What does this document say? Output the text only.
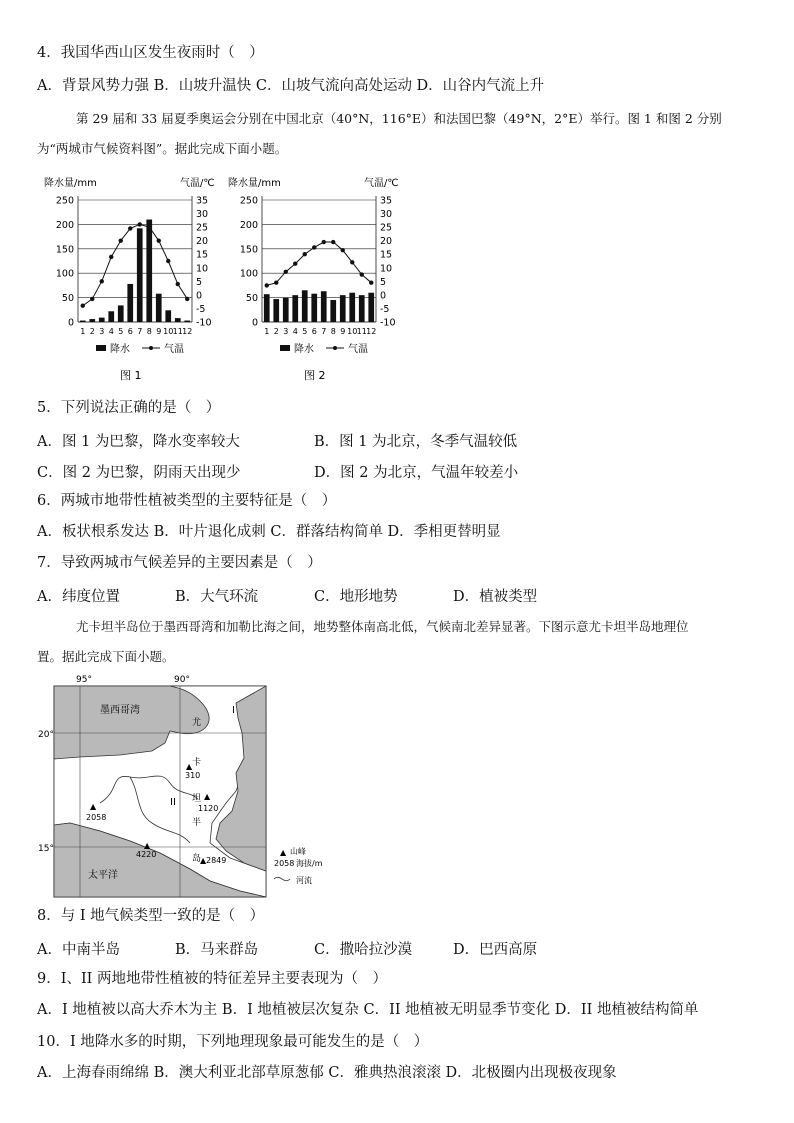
4．我国华西山区发生夜雨时（　）
A．背景风势力强 B．山坡升温快 C．山坡气流向高处运动 D．山谷内气流上升
第 29 届和 33 届夏季奥运会分别在中国北京（40°N，116°E）和法国巴黎（49°N，2°E）举行。图 1 和图 2 分别
为“两城市气候资料图”。据此完成下面小题。
降水量/mm	气温/℃
250
200
150
100
50
0
35
30
25
20
15
10
5
0
-5
-10
1 2 3 4 5 6 7 8 9 10 11 12
降水	气温
图 1
降水量/mm	气温/℃
250
200
150
100
50
0
35
30
25
20
15
10
5
0
-5
-10
1 2 3 4 5 6 7 8 9 10 11 12
降水	气温
图 2
5．下列说法正确的是（　）
A．图 1 为巴黎，降水变率较大	B．图 1 为北京，冬季气温较低
C．图 2 为巴黎，阴雨天出现少	D．图 2 为北京，气温年较差小
6．两城市地带性植被类型的主要特征是（　）
A．板状根系发达 B．叶片退化成刺 C．群落结构简单 D．季相更替明显
7．导致两城市气候差异的主要因素是（　）
A．纬度位置	B．大气环流	C．地形地势	D．植被类型
尤卡坦半岛位于墨西哥湾和加勒比海之间，地势整体南高北低，气候南北差异显著。下图示意尤卡坦半岛地理位
置。据此完成下面小题。
95°	90°
20°
15°
墨西哥湾
太平洋
尤
卡
坦
半
岛
I
II
▲
310
▲
1120
▲
2058
▲
4220
▲ 2849
▲ 山峰
2058 海拔/m
河流
8．与 I 地气候类型一致的是（　）
A．中南半岛	B．马来群岛	C．撒哈拉沙漠	D．巴西高原
9．I、II 两地地带性植被的特征差异主要表现为（　）
A．I 地植被以高大乔木为主 B．I 地植被层次复杂 C．II 地植被无明显季节变化 D．II 地植被结构简单
10．I 地降水多的时期，下列地理现象最可能发生的是（　）
A．上海春雨绵绵 B．澳大利亚北部草原葱郁 C．雅典热浪滚滚 D．北极圈内出现极夜现象
